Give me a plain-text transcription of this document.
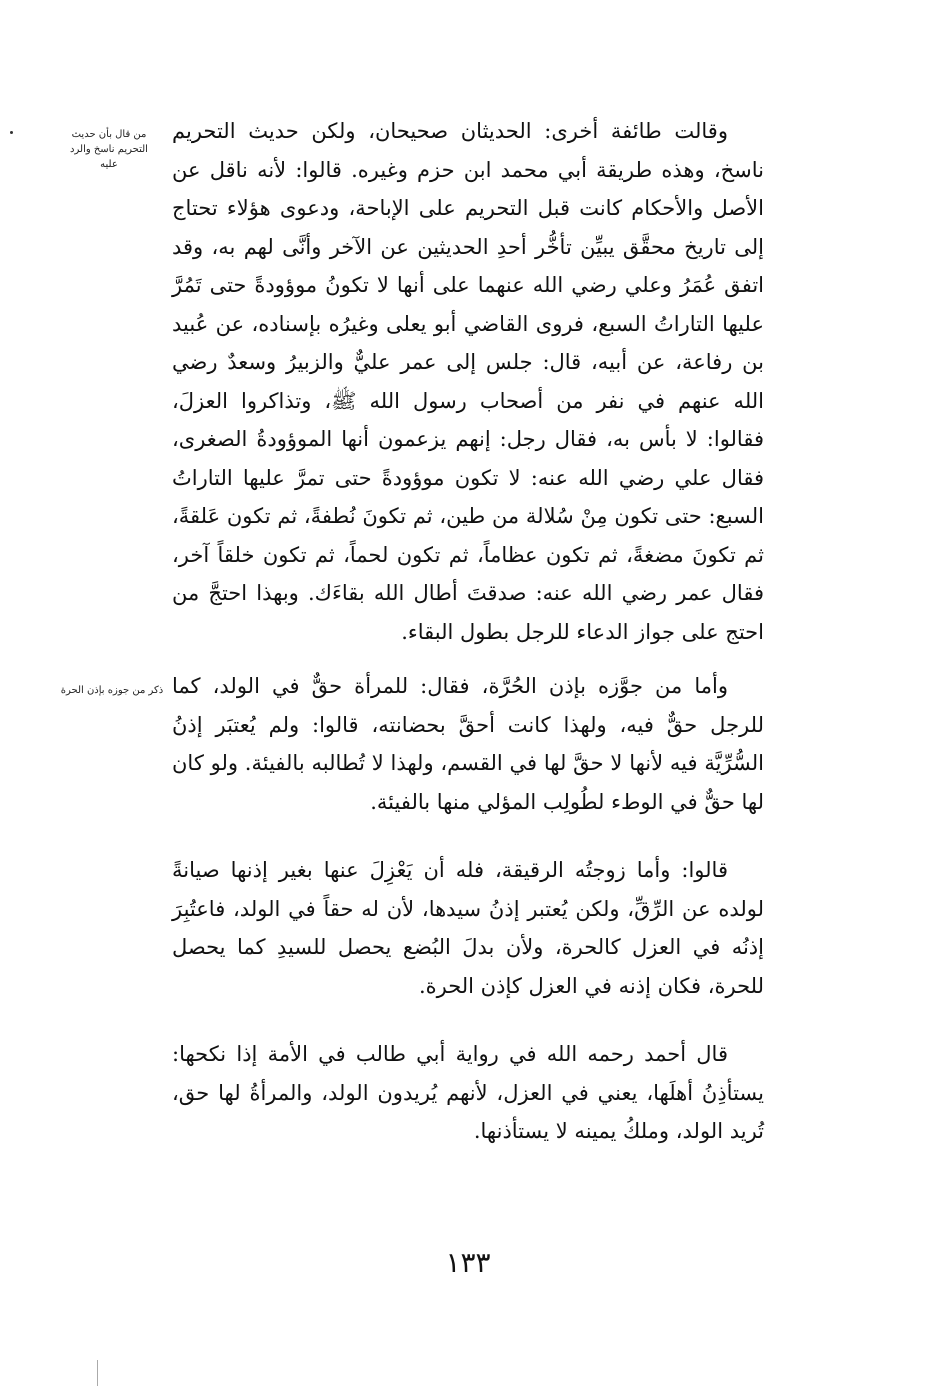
وقالت طائفة أخرى: الحديثان صحيحان، ولكن حديث التحريم ناسخ، وهذه طريقة أبي محمد ابن حزم وغيره. قالوا: لأنه ناقل عن الأصل والأحكام كانت قبل التحريم على الإباحة، ودعوى هؤلاء تحتاج إلى تاريخ محقَّق يبيِّن تأخُّر أحدِ الحديثين عن الآخر وأنَّى لهم به، وقد اتفق عُمَرُ وعلي رضي الله عنهما على أنها لا تكونُ موؤودةً حتى تَمُرَّ عليها التاراتُ السبع، فروى القاضي أبو يعلى وغيرُه بإسناده، عن عُبيد بن رفاعة، عن أبيه، قال: جلس إلى عمر عليٌّ والزبيرُ وسعدٌ رضي الله عنهم في نفر من أصحاب رسول الله ﷺ، وتذاكروا العزلَ، فقالوا: لا بأس به، فقال رجل: إنهم يزعمون أنها الموؤودةُ الصغرى، فقال علي رضي الله عنه: لا تكون موؤودةً حتى تمرَّ عليها التاراتُ السبع: حتى تكون مِنْ سُلالة من طين، ثم تكونَ نُطفةً، ثم تكون عَلقةً، ثم تكونَ مضغةً، ثم تكون عظاماً، ثم تكون لحماً، ثم تكون خلقاً آخر، فقال عمر رضي الله عنه: صدقتَ أطال الله بقاءَك. وبهذا احتجَّ من احتج على جواز الدعاء للرجل بطول البقاء.

وأما من جوَّزه بإذن الحُرَّة، فقال: للمرأة حقٌّ في الولد، كما للرجل حقٌّ فيه، ولهذا كانت أحقَّ بحضانته، قالوا: ولم يُعتبَر إذنُ السُّرِّيَّة فيه لأنها لا حقَّ لها في القسم، ولهذا لا تُطالبه بالفيئة. ولو كان لها حقٌّ في الوطء لطُولِب المؤلي منها بالفيئة.

قالوا: وأما زوجتُه الرقيقة، فله أن يَعْزِلَ عنها بغير إذنها صيانةً لولده عن الرِّقِّ، ولكن يُعتبر إذنُ سيدها، لأن له حقاً في الولد، فاعتُبِرَ إذنُه في العزل كالحرة، ولأن بدلَ البُضع يحصل للسيدِ كما يحصل للحرة، فكان إذنه في العزل كإذن الحرة.

قال أحمد رحمه الله في رواية أبي طالب في الأمة إذا نكحها: يستأذِنُ أهلَها، يعني في العزل، لأنهم يُريدون الولد، والمرأةُ لها حق، تُريد الولد، وملكُ يمينه لا يستأذنها.

من قال بأن حديث التحريم ناسخ والرد عليه
ذكر من جوزه بإذن الحرة
١٣٣
